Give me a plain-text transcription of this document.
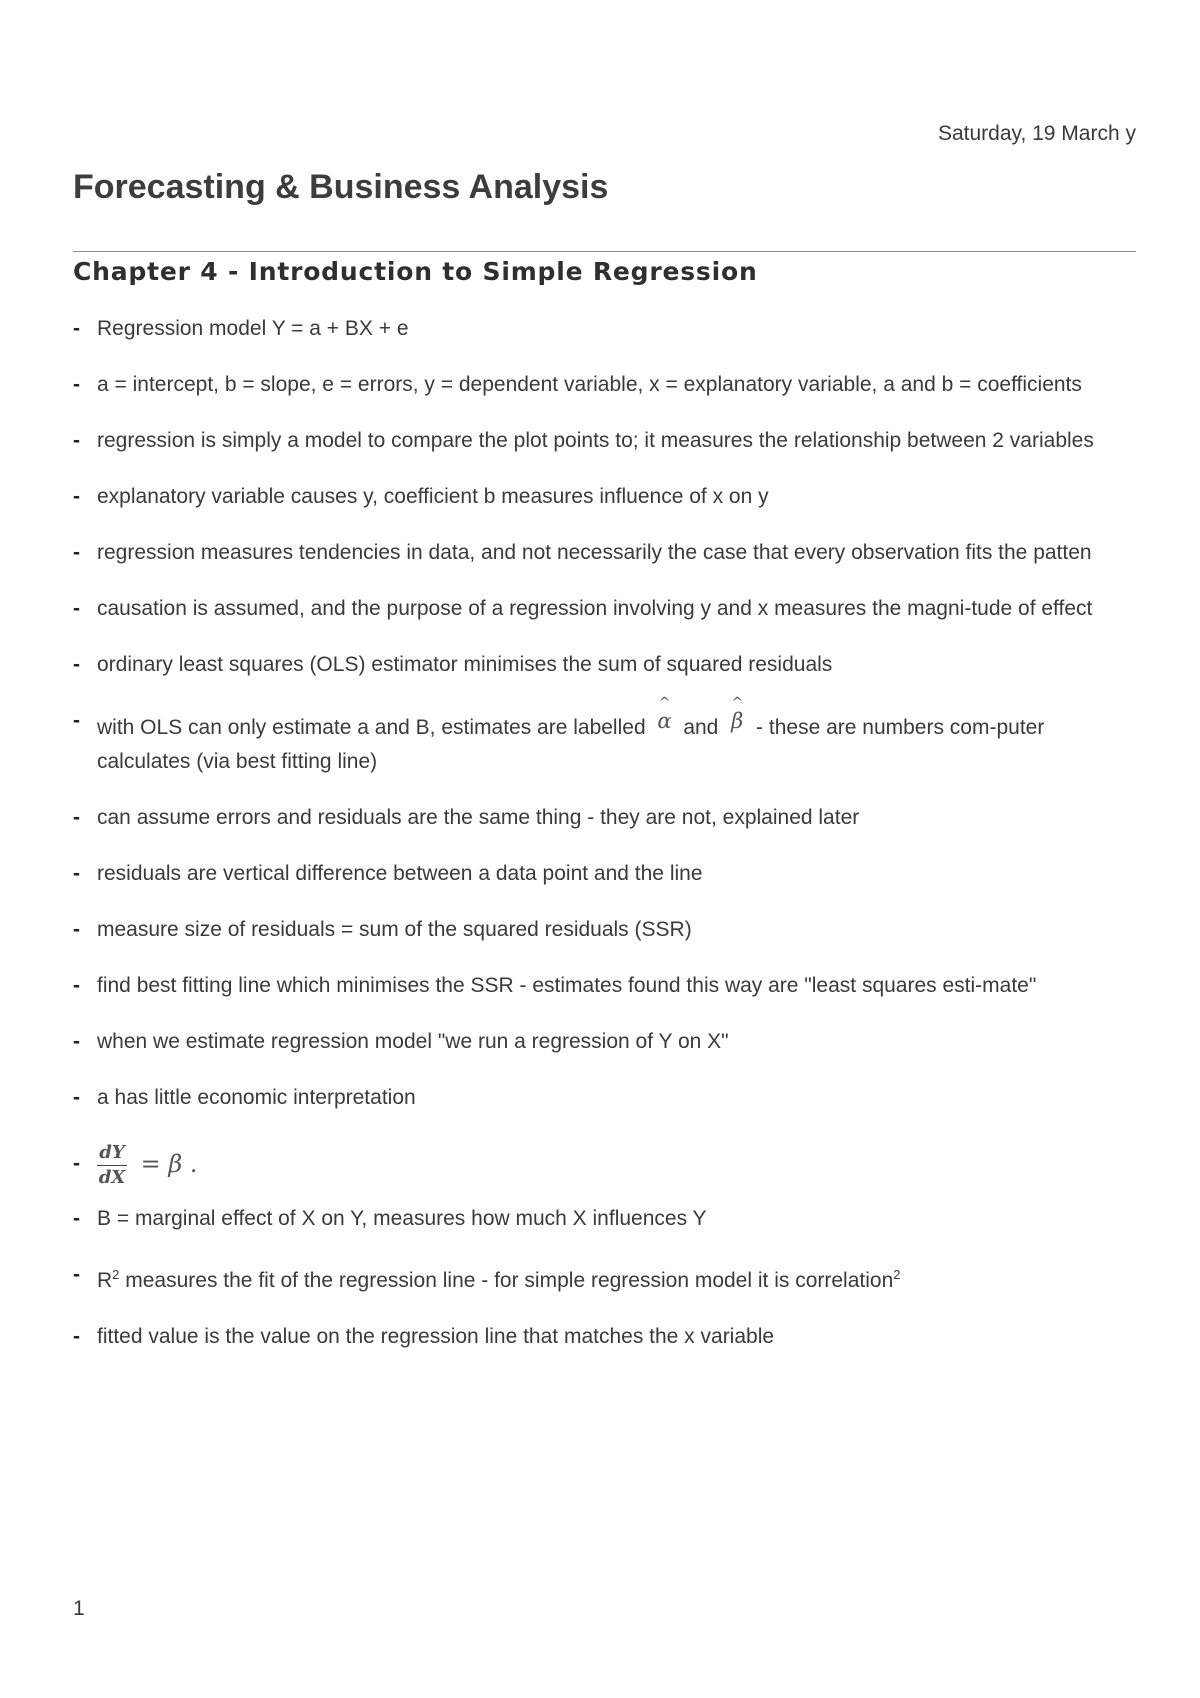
Saturday, 19 March y
Forecasting & Business Analysis
Chapter 4 - Introduction to Simple Regression
- Regression model Y = a + BX + e
- a = intercept, b = slope, e = errors, y = dependent variable, x = explanatory variable, a and b = coefficients
- regression is simply a model to compare the plot points to; it measures the relationship between 2 variables
- explanatory variable causes y, coefficient b measures influence of x on y
- regression measures tendencies in data, and not necessarily the case that every observation fits the patten
- causation is assumed, and the purpose of a regression involving y and x measures the magni-tude of effect
- ordinary least squares (OLS) estimator minimises the sum of squared residuals
- with OLS can only estimate a and B, estimates are labelled
^
α and
^
β - these are numbers com-puter calculates (via best fitting line)
- can assume errors and residuals are the same thing - they are not, explained later
- residuals are vertical difference between a data point and the line
- measure size of residuals = sum of the squared residuals (SSR)
- find best fitting line which minimises the SSR - estimates found this way are "least squares esti-mate"
- when we estimate regression model "we run a regression of Y on X"
- a has little economic interpretation
- $\frac{dY}{dX} = \beta$ .
- B = marginal effect of X on Y, measures how much X influences Y
- $R^2$ measures the fit of the regression line - for simple regression model it is correlation$^2$
- fitted value is the value on the regression line that matches the x variable
1
